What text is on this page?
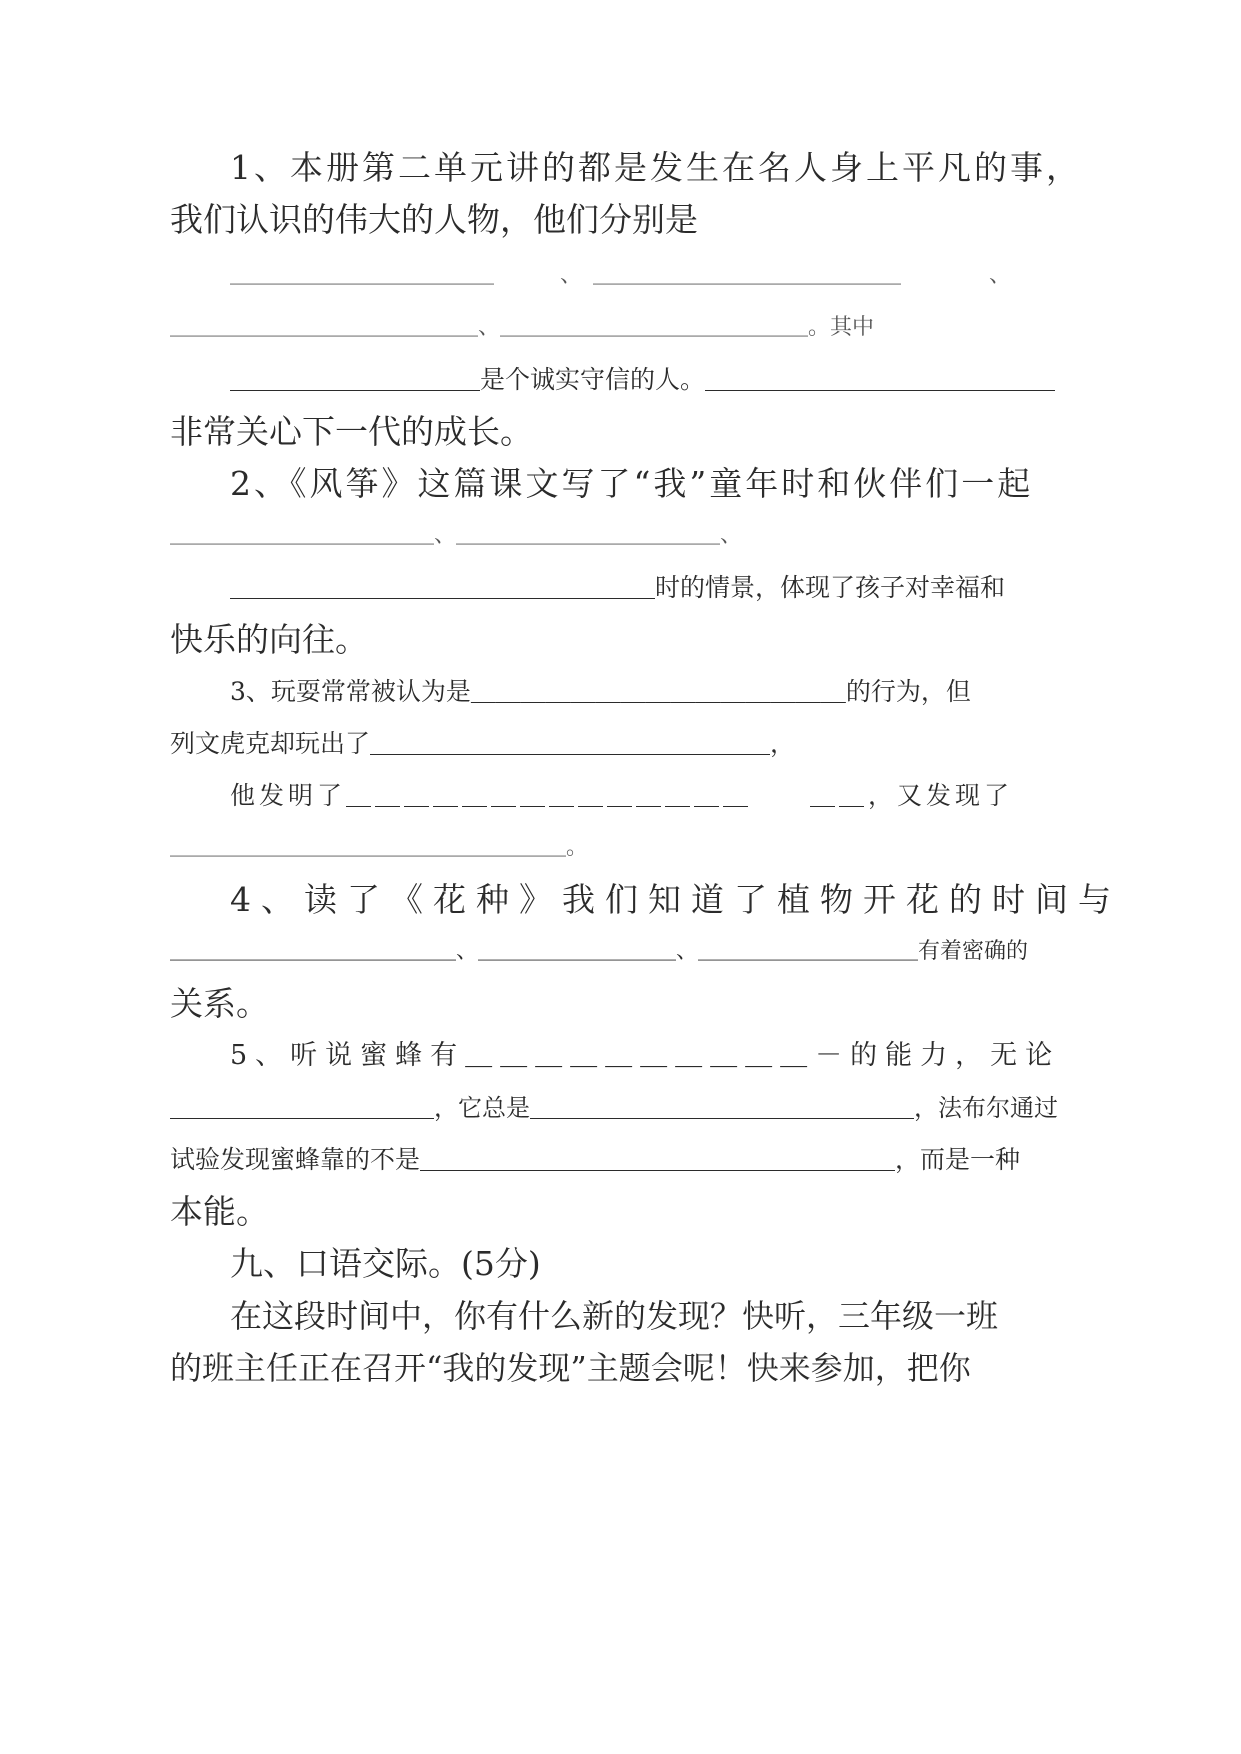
1、本册第二单元讲的都是发生在名人身上平凡的事，
我们认识的伟大的人物，他们分别是
＿＿＿＿＿＿＿＿＿＿＿＿　　　、　＿＿＿＿＿＿＿＿＿＿＿＿＿＿　　　　、
＿＿＿＿＿＿＿＿＿＿＿＿＿＿、＿＿＿＿＿＿＿＿＿＿＿＿＿＿。其中
＿＿＿＿＿＿＿＿＿＿是个诚实守信的人。＿＿＿＿＿＿＿＿＿＿＿＿＿＿
非常关心下一代的成长。
2、《风筝》这篇课文写了“我”童年时和伙伴们一起
＿＿＿＿＿＿＿＿＿＿＿＿、＿＿＿＿＿＿＿＿＿＿＿＿、
＿＿＿＿＿＿＿＿＿＿＿＿＿＿＿＿＿时的情景，体现了孩子对幸福和
快乐的向往。
3、玩耍常常被认为是＿＿＿＿＿＿＿＿＿＿＿＿＿＿＿的行为，但
列文虎克却玩出了＿＿＿＿＿＿＿＿＿＿＿＿＿＿＿＿，
他发明了＿＿＿＿＿＿＿＿＿＿＿＿＿＿　　＿＿，又发现了
＿＿＿＿＿＿＿＿＿＿＿＿＿＿＿＿＿＿。
4、读了《花种》我们知道了植物开花的时间与
＿＿＿＿＿＿＿＿＿＿＿＿＿、＿＿＿＿＿＿＿＿＿、＿＿＿＿＿＿＿＿＿＿有着密确的
关系。
5、听说蜜蜂有＿＿＿＿＿＿＿＿＿＿－的能力，无论
＿＿＿＿＿＿＿＿＿＿＿，它总是＿＿＿＿＿＿＿＿＿＿＿＿＿＿＿＿，法布尔通过
试验发现蜜蜂靠的不是＿＿＿＿＿＿＿＿＿＿＿＿＿＿＿＿＿＿＿，而是一种
本能。
九、口语交际。(5分)
在这段时间中，你有什么新的发现？快听，三年级一班
的班主任正在召开“我的发现”主题会呢！快来参加，把你
